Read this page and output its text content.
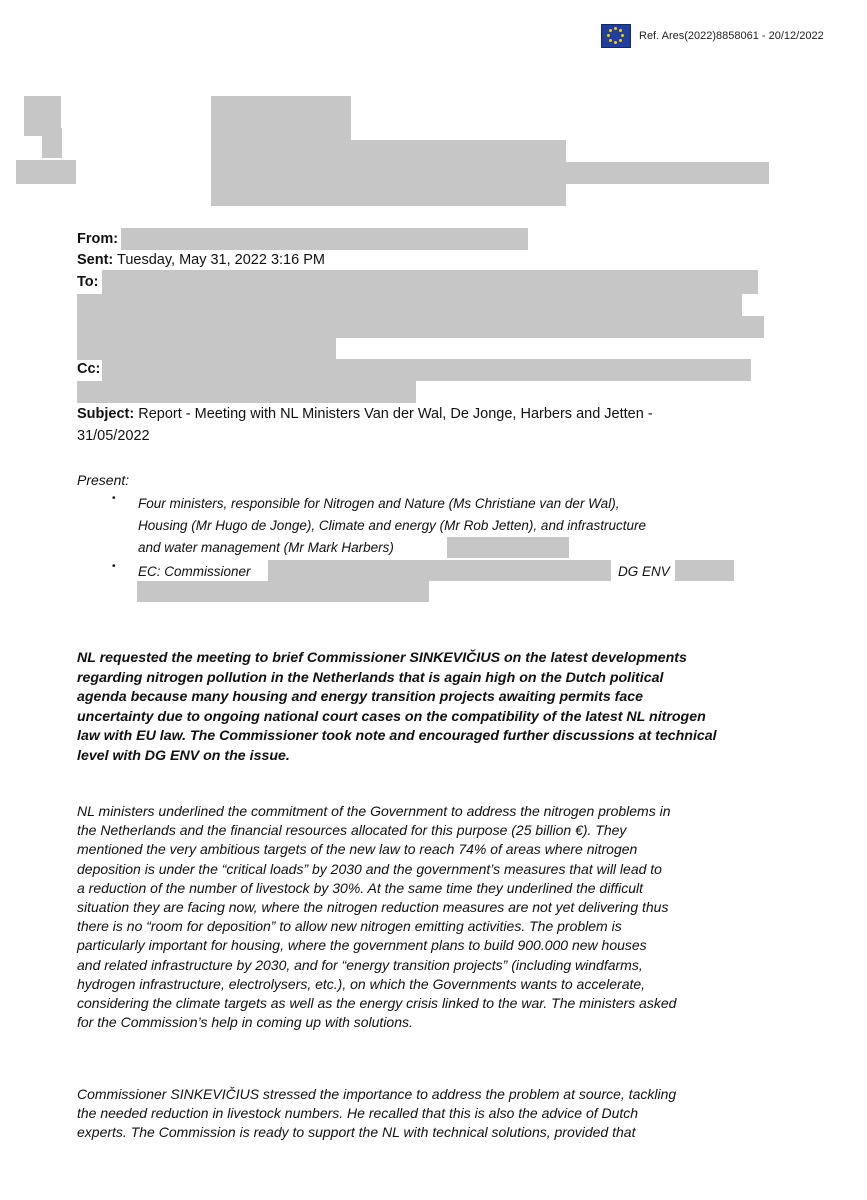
Ref. Ares(2022)8858061 - 20/12/2022
From:
Sent: Tuesday, May 31, 2022 3:16 PM
To:
Cc:
Subject: Report - Meeting with NL Ministers Van der Wal, De Jonge, Harbers and Jetten -
31/05/2022
Present:
• Four ministers, responsible for Nitrogen and Nature (Ms Christiane van der Wal),
Housing (Mr Hugo de Jonge), Climate and energy (Mr Rob Jetten), and infrastructure
and water management (Mr Mark Harbers)
• EC: Commissioner	DG ENV
NL requested the meeting to brief Commissioner SINKEVIČIUS on the latest developments
regarding nitrogen pollution in the Netherlands that is again high on the Dutch political
agenda because many housing and energy transition projects awaiting permits face
uncertainty due to ongoing national court cases on the compatibility of the latest NL nitrogen
law with EU law. The Commissioner took note and encouraged further discussions at technical
level with DG ENV on the issue.
NL ministers underlined the commitment of the Government to address the nitrogen problems in
the Netherlands and the financial resources allocated for this purpose (25 billion €). They
mentioned the very ambitious targets of the new law to reach 74% of areas where nitrogen
deposition is under the “critical loads” by 2030 and the government’s measures that will lead to
a reduction of the number of livestock by 30%. At the same time they underlined the difficult
situation they are facing now, where the nitrogen reduction measures are not yet delivering thus
there is no “room for deposition” to allow new nitrogen emitting activities. The problem is
particularly important for housing, where the government plans to build 900.000 new houses
and related infrastructure by 2030, and for “energy transition projects” (including windfarms,
hydrogen infrastructure, electrolysers, etc.), on which the Governments wants to accelerate,
considering the climate targets as well as the energy crisis linked to the war. The ministers asked
for the Commission’s help in coming up with solutions.
Commissioner SINKEVIČIUS stressed the importance to address the problem at source, tackling
the needed reduction in livestock numbers. He recalled that this is also the advice of Dutch
experts. The Commission is ready to support the NL with technical solutions, provided that
